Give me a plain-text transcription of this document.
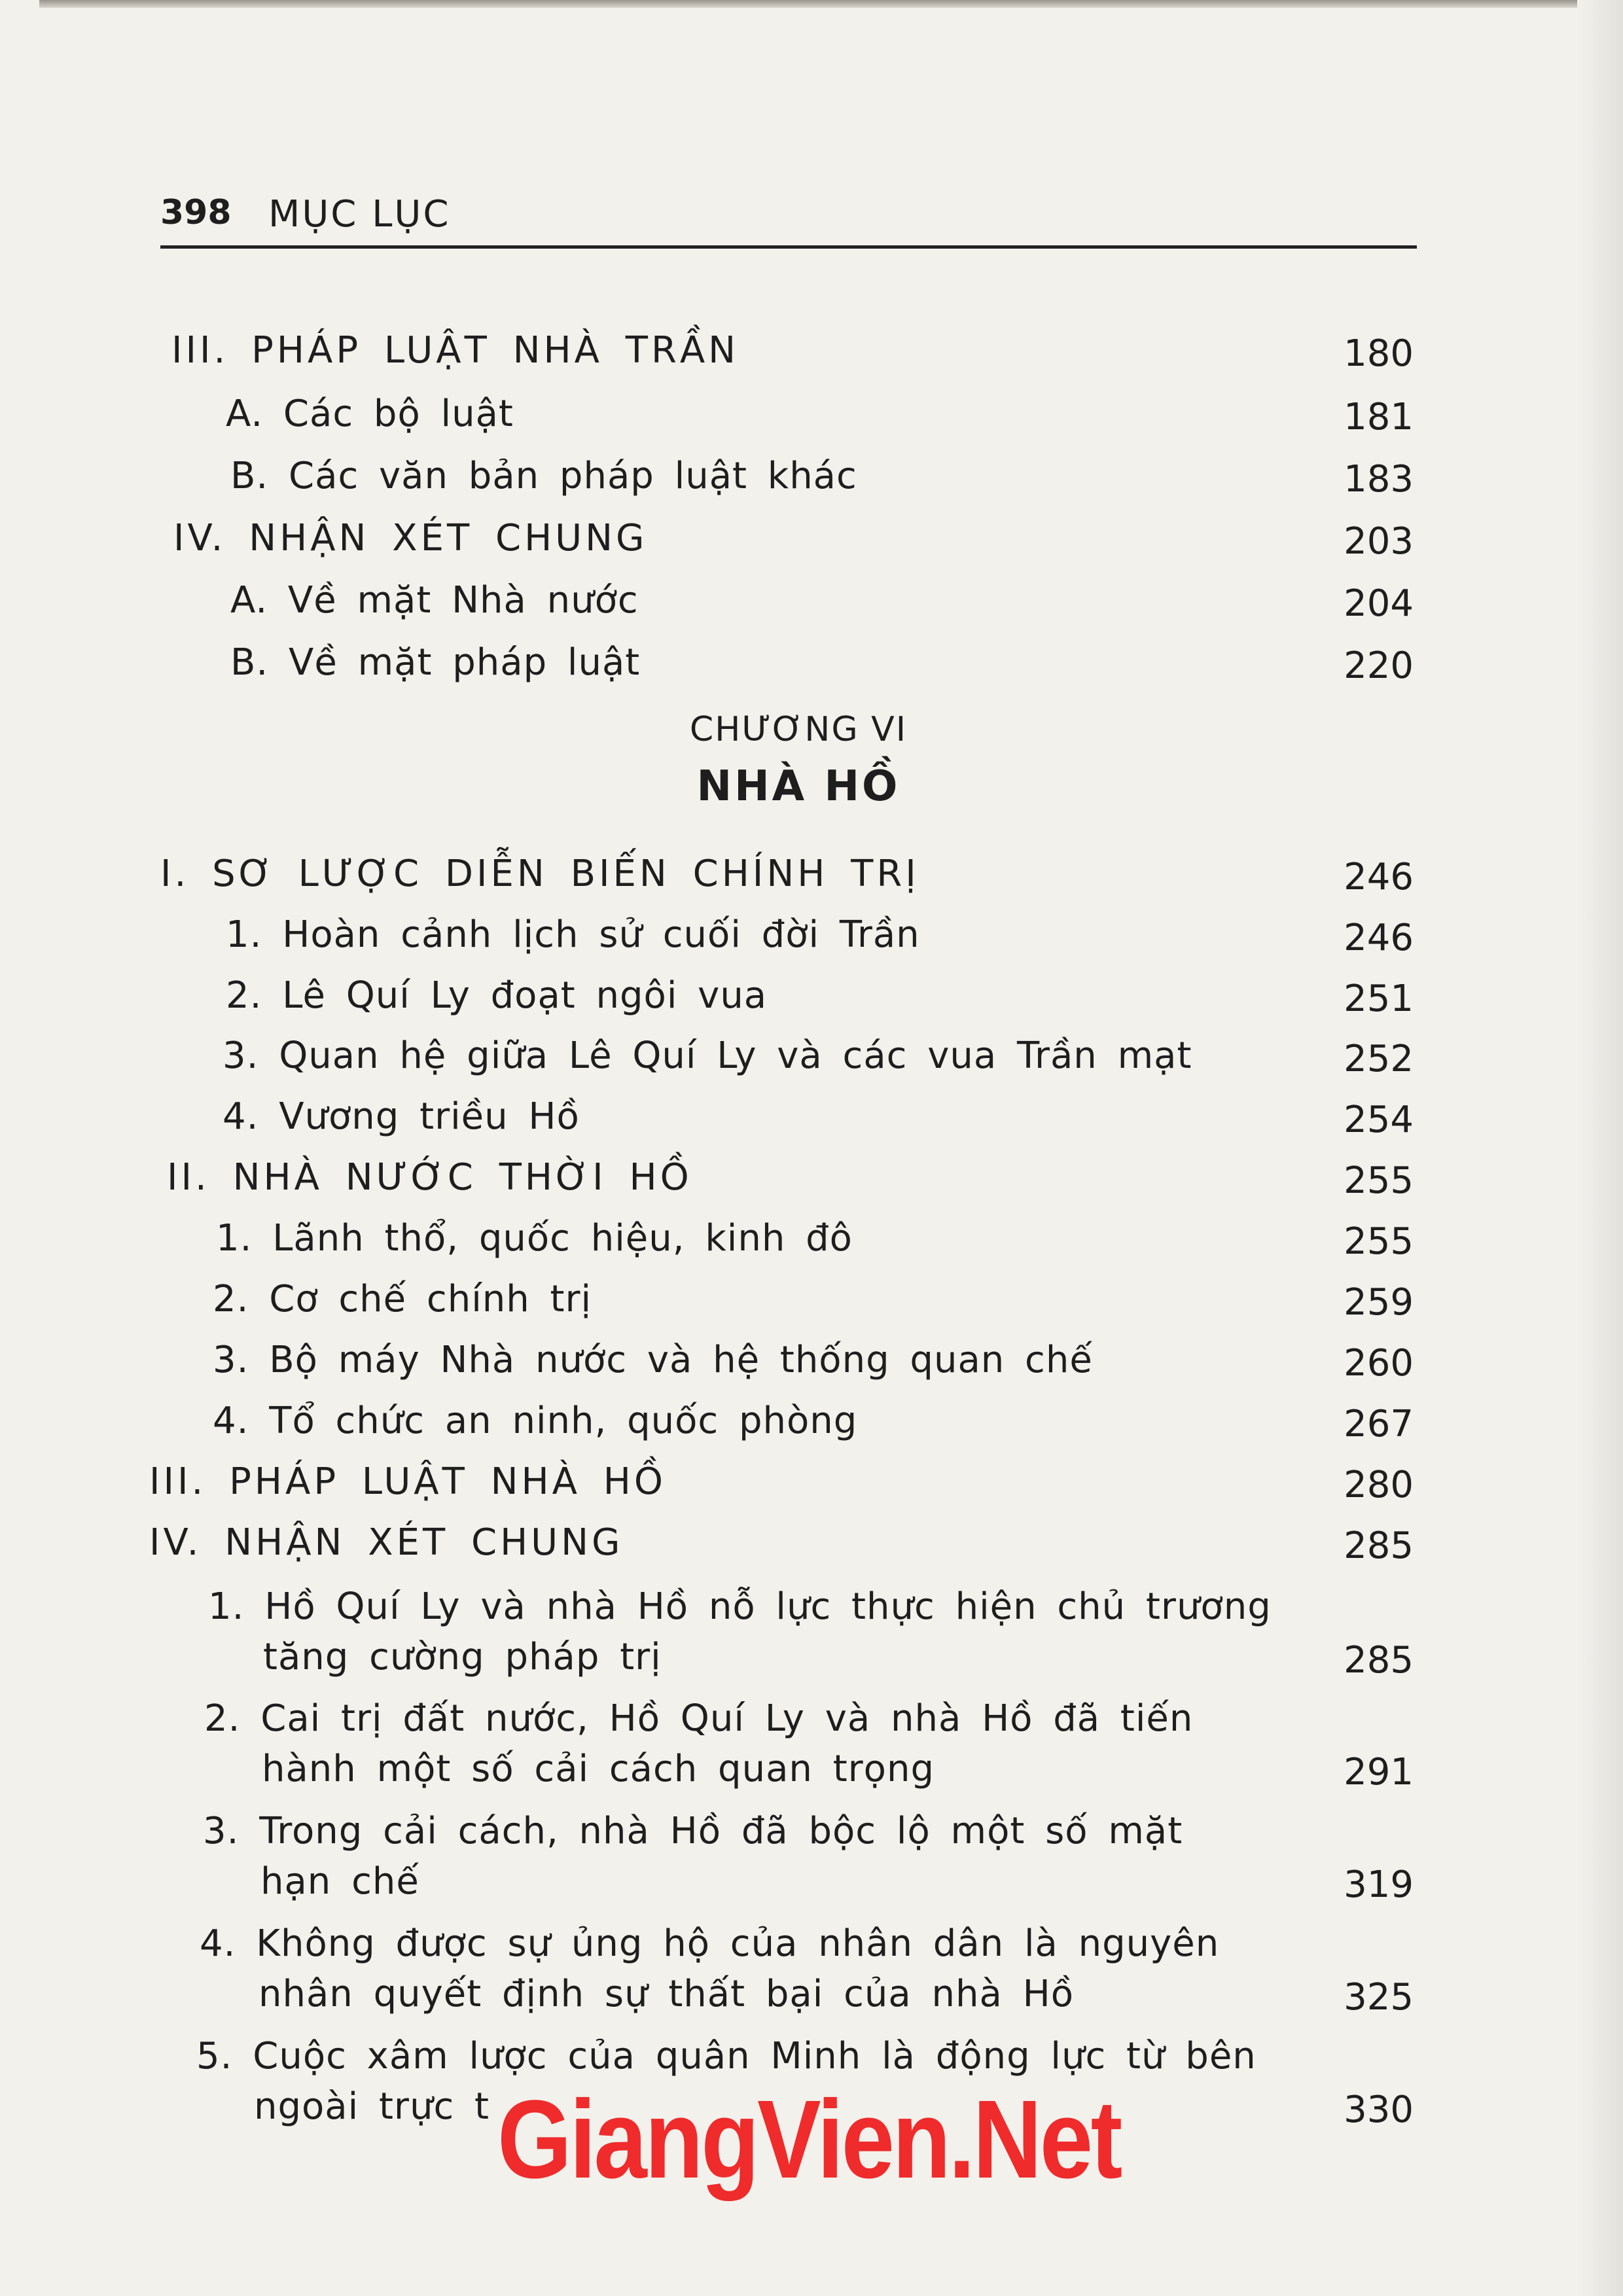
398 MỤC LỤC
III. PHÁP LUẬT NHÀ TRẦN	180
A. Các bộ luật	181
B. Các văn bản pháp luật khác	183
IV. NHẬN XÉT CHUNG	203
A. Về mặt Nhà nước	204
B. Về mặt pháp luật	220
CHƯƠNG VI
NHÀ HỒ
I. SƠ LƯỢC DIỄN BIẾN CHÍNH TRỊ	246
1. Hoàn cảnh lịch sử cuối đời Trần	246
2. Lê Quí Ly đoạt ngôi vua	251
3. Quan hệ giữa Lê Quí Ly và các vua Trần mạt	252
4. Vương triều Hồ	254
II. NHÀ NƯỚC THỜI HỒ	255
1. Lãnh thổ, quốc hiệu, kinh đô	255
2. Cơ chế chính trị	259
3. Bộ máy Nhà nước và hệ thống quan chế	260
4. Tổ chức an ninh, quốc phòng	267
III. PHÁP LUẬT NHÀ HỒ	280
IV. NHẬN XÉT CHUNG	285
1. Hồ Quí Ly và nhà Hồ nỗ lực thực hiện chủ trương
tăng cường pháp trị	285
2. Cai trị đất nước, Hồ Quí Ly và nhà Hồ đã tiến
hành một số cải cách quan trọng	291
3. Trong cải cách, nhà Hồ đã bộc lộ một số mặt
hạn chế	319
4. Không được sự ủng hộ của nhân dân là nguyên
nhân quyết định sự thất bại của nhà Hồ	325
5. Cuộc xâm lược của quân Minh là động lực từ bên
ngoài trực t	330
GiangVien.Net
